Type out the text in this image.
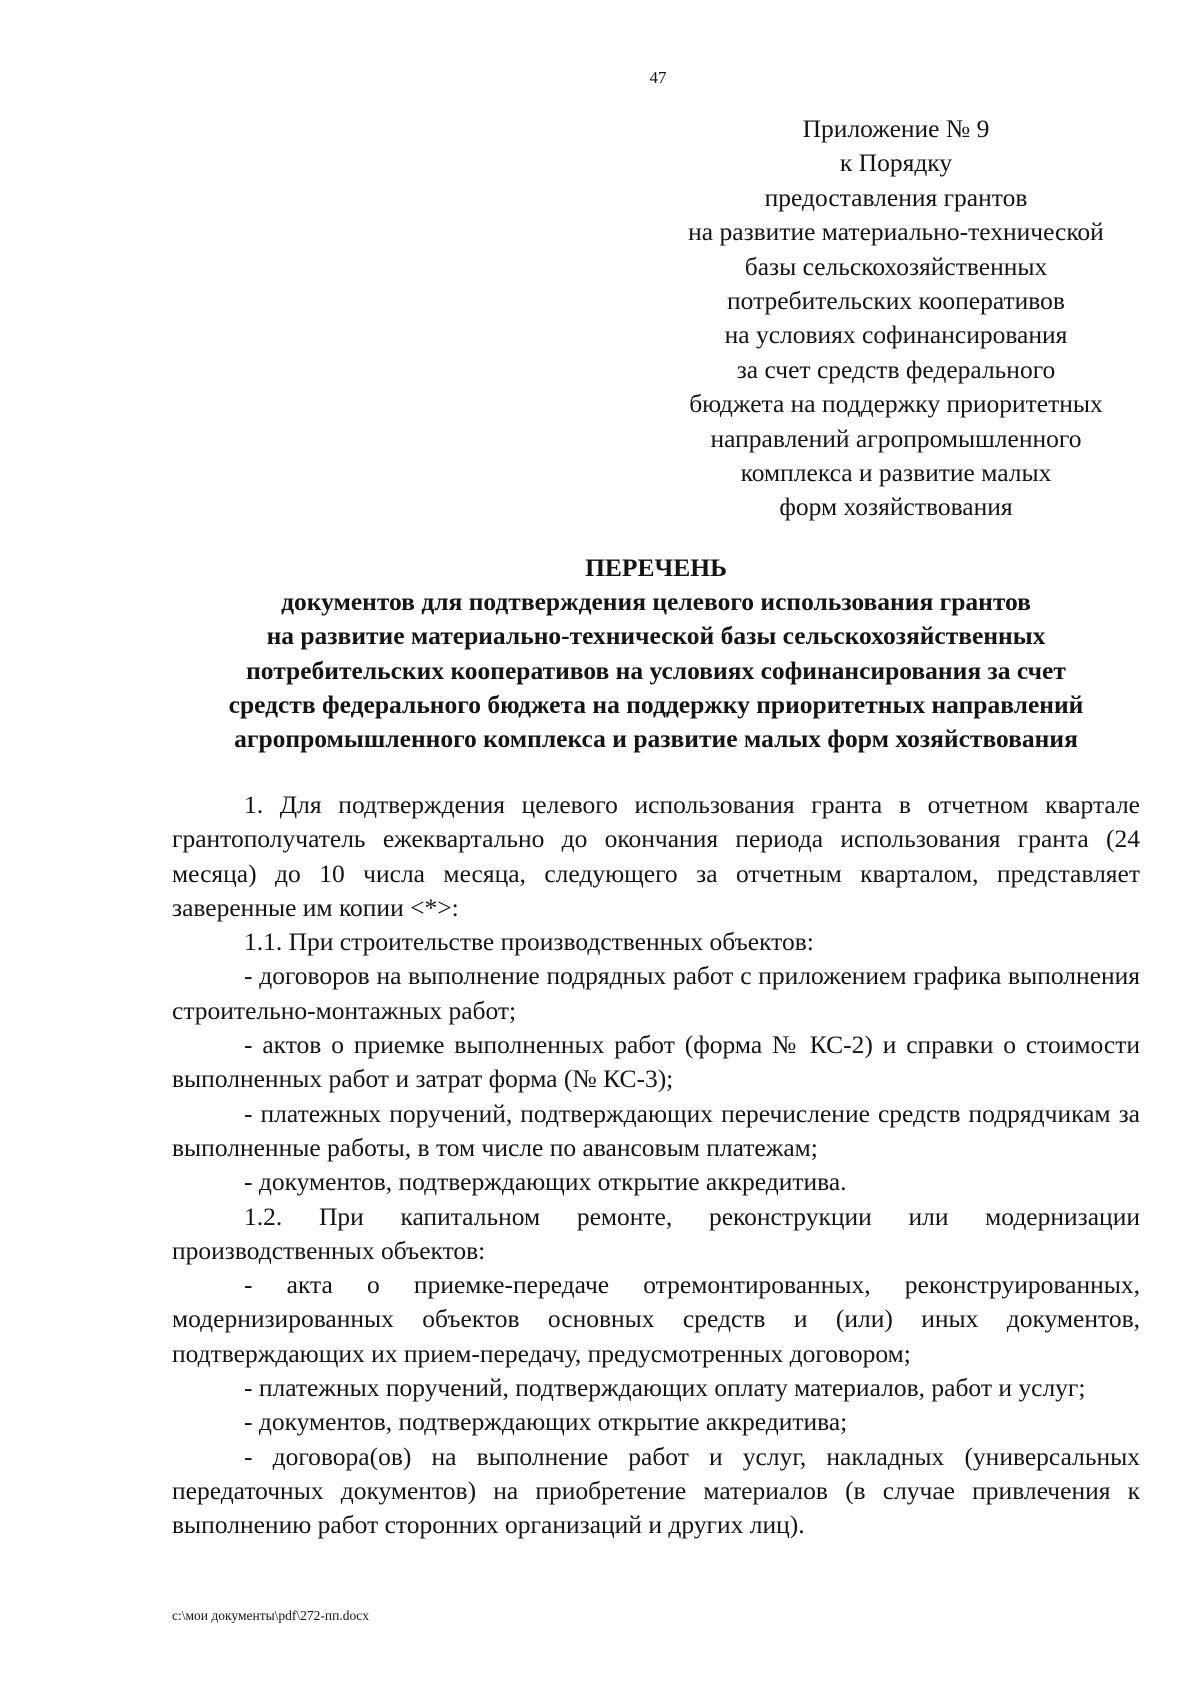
47
Приложение № 9
к Порядку
предоставления грантов
на развитие материально-технической
базы сельскохозяйственных
потребительских кооперативов
на условиях софинансирования
за счет средств федерального
бюджета на поддержку приоритетных
направлений агропромышленного
комплекса и развитие малых
форм хозяйствования
ПЕРЕЧЕНЬ
документов для подтверждения целевого использования грантов
на развитие материально-технической базы сельскохозяйственных
потребительских кооперативов на условиях софинансирования за счет
средств федерального бюджета на поддержку приоритетных направлений
агропромышленного комплекса и развитие малых форм хозяйствования

1. Для подтверждения целевого использования гранта в отчетном квартале грантополучатель ежеквартально до окончания периода использования гранта (24 месяца) до 10 числа месяца, следующего за отчетным кварталом, представляет заверенные им копии <*>:

1.1. При строительстве производственных объектов:

- договоров на выполнение подрядных работ с приложением графика выполнения строительно-монтажных работ;

- актов о приемке выполненных работ (форма № КС-2) и справки о стоимости выполненных работ и затрат форма (№ КС-3);

- платежных поручений, подтверждающих перечисление средств подрядчикам за выполненные работы, в том числе по авансовым платежам;

- документов, подтверждающих открытие аккредитива.

1.2. При капитальном ремонте, реконструкции или модернизации производственных объектов:

- акта о приемке-передаче отремонтированных, реконструированных, модернизированных объектов основных средств и (или) иных документов, подтверждающих их прием-передачу, предусмотренных договором;

- платежных поручений, подтверждающих оплату материалов, работ и услуг;

- документов, подтверждающих открытие аккредитива;

- договора(ов) на выполнение работ и услуг, накладных (универсальных передаточных документов) на приобретение материалов (в случае привлечения к выполнению работ сторонних организаций и других лиц).

c:\мои документы\pdf\272-пп.docx
